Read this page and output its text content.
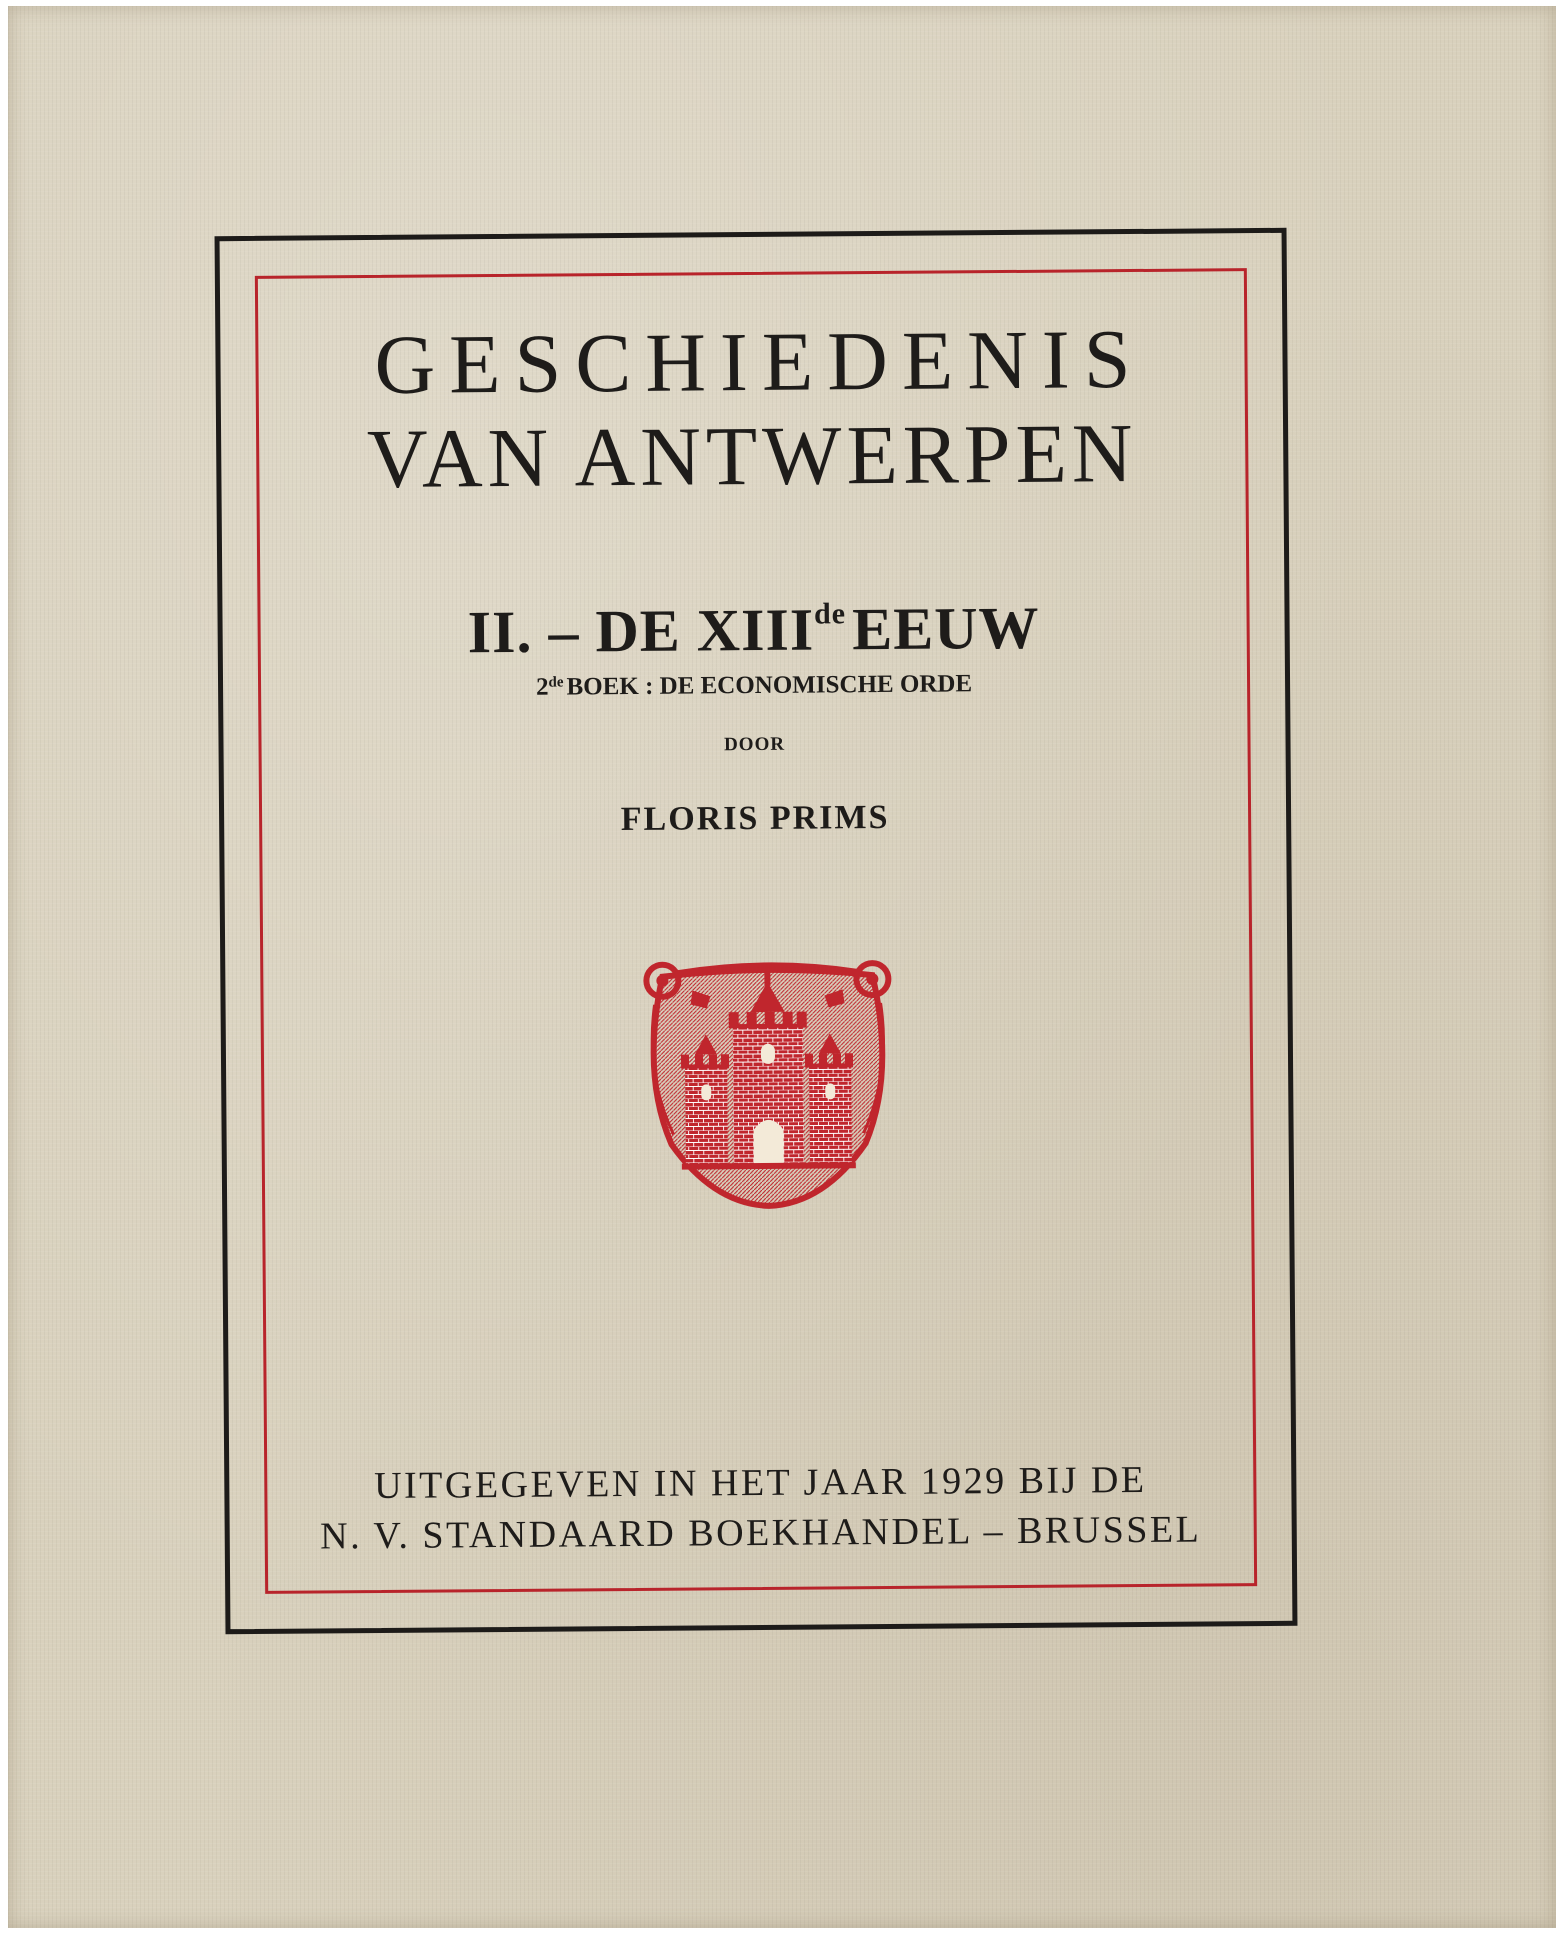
GESCHIEDENIS
VAN ANTWERPEN
II. – DE XIIIdeEEUW
2de BOEK : DE ECONOMISCHE ORDE
DOOR
FLORIS PRIMS
UITGEGEVEN IN HET JAAR 1929 BIJ DE
N. V. STANDAARD BOEKHANDEL – BRUSSEL
